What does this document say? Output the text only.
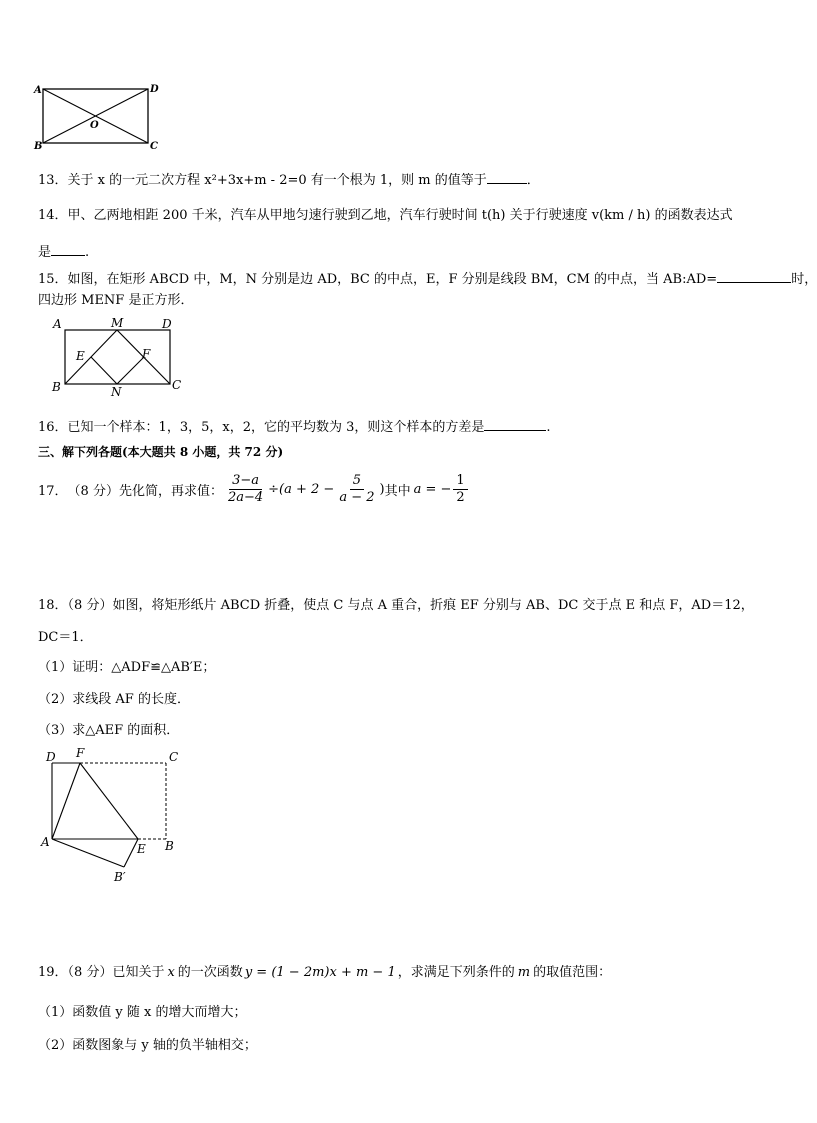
A	D
B	C
O
13．关于 x 的一元二次方程 x²+3x+m - 2=0 有一个根为 1，则 m 的值等于	．
14．甲、乙两地相距 200 千米，汽车从甲地匀速行驶到乙地，汽车行驶时间 t(h) 关于行驶速度 v(km / h) 的函数表达式
是	.
15．如图，在矩形 ABCD 中，M，N 分别是边 AD，BC 的中点，E，F 分别是线段 BM，CM 的中点，当 AB:AD=	时，
四边形 MENF 是正方形．
A	M	D
E	F
B	N	C
16．已知一个样本：1，3，5，x，2，它的平均数为 3，则这个样本的方差是	.
三、解下列各题(本大题共 8 小题，共 72 分)
17． （8 分）先化简，再求值： $\frac{3-a}{2a-4} \div (a + 2 - \frac{5}{a - 2}$ ) 其中 a = − $\frac{1}{2}$
18．（8 分）如图，将矩形纸片 ABCD 折叠，使点 C 与点 A 重合，折痕 EF 分别与 AB、DC 交于点 E 和点 F，AD＝12，
DC＝1．
（1）证明：△ADF≌△AB′E；
（2）求线段 AF 的长度．
（3）求△AEF 的面积．
D F	C
A	E B
B′
19．（8 分）已知关于 x 的一次函数 y = (1 − 2m)x + m − 1 ，求满足下列条件的 m 的取值范围：
（1）函数值 y 随 x 的增大而增大；
（2）函数图象与 y 轴的负半轴相交；
